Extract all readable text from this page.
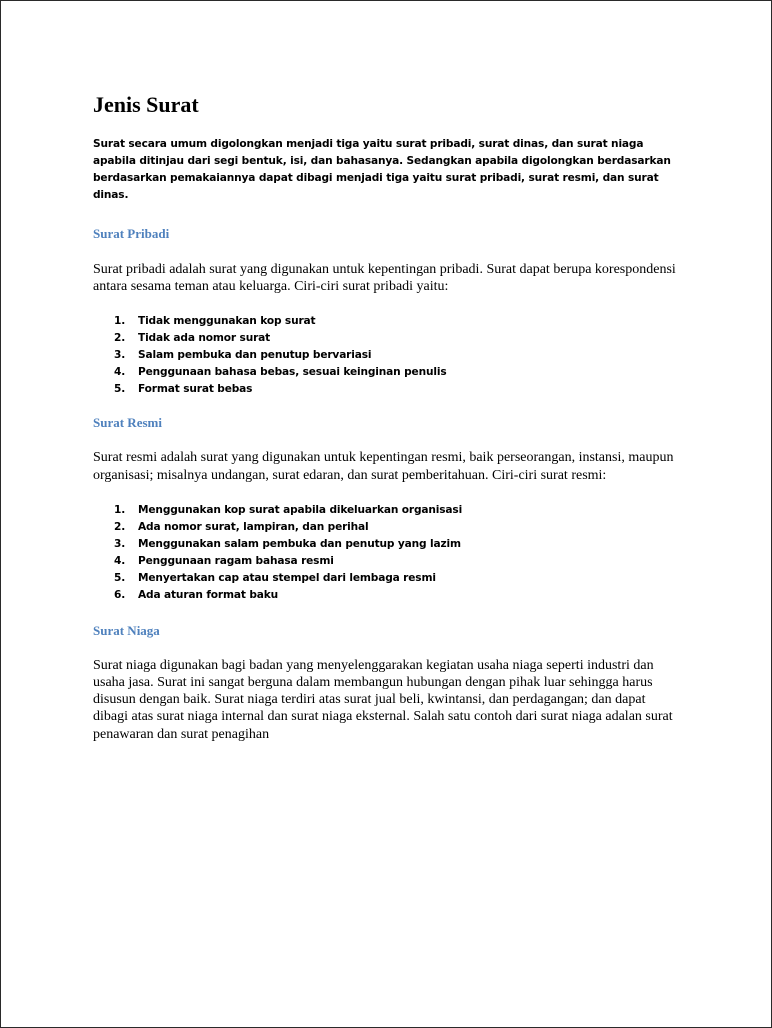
Jenis Surat

Surat secara umum digolongkan menjadi tiga yaitu surat pribadi, surat dinas, dan surat niaga apabila ditinjau dari segi bentuk, isi, dan bahasanya. Sedangkan apabila digolongkan berdasarkan berdasarkan pemakaiannya dapat dibagi menjadi tiga yaitu surat pribadi, surat resmi, dan surat dinas.

Surat Pribadi

Surat pribadi adalah surat yang digunakan untuk kepentingan pribadi. Surat dapat berupa korespondensi antara sesama teman atau keluarga. Ciri-ciri surat pribadi yaitu:

1. Tidak menggunakan kop surat
2. Tidak ada nomor surat
3. Salam pembuka dan penutup bervariasi
4. Penggunaan bahasa bebas, sesuai keinginan penulis
5. Format surat bebas
Surat Resmi

Surat resmi adalah surat yang digunakan untuk kepentingan resmi, baik perseorangan, instansi, maupun organisasi; misalnya undangan, surat edaran, dan surat pemberitahuan. Ciri-ciri surat resmi:

1. Menggunakan kop surat apabila dikeluarkan organisasi
2. Ada nomor surat, lampiran, dan perihal
3. Menggunakan salam pembuka dan penutup yang lazim
4. Penggunaan ragam bahasa resmi
5. Menyertakan cap atau stempel dari lembaga resmi
6. Ada aturan format baku
Surat Niaga

Surat niaga digunakan bagi badan yang menyelenggarakan kegiatan usaha niaga seperti industri dan usaha jasa. Surat ini sangat berguna dalam membangun hubungan dengan pihak luar sehingga harus disusun dengan baik. Surat niaga terdiri atas surat jual beli, kwintansi, dan perdagangan; dan dapat dibagi atas surat niaga internal dan surat niaga eksternal. Salah satu contoh dari surat niaga adalan surat penawaran dan surat penagihan
